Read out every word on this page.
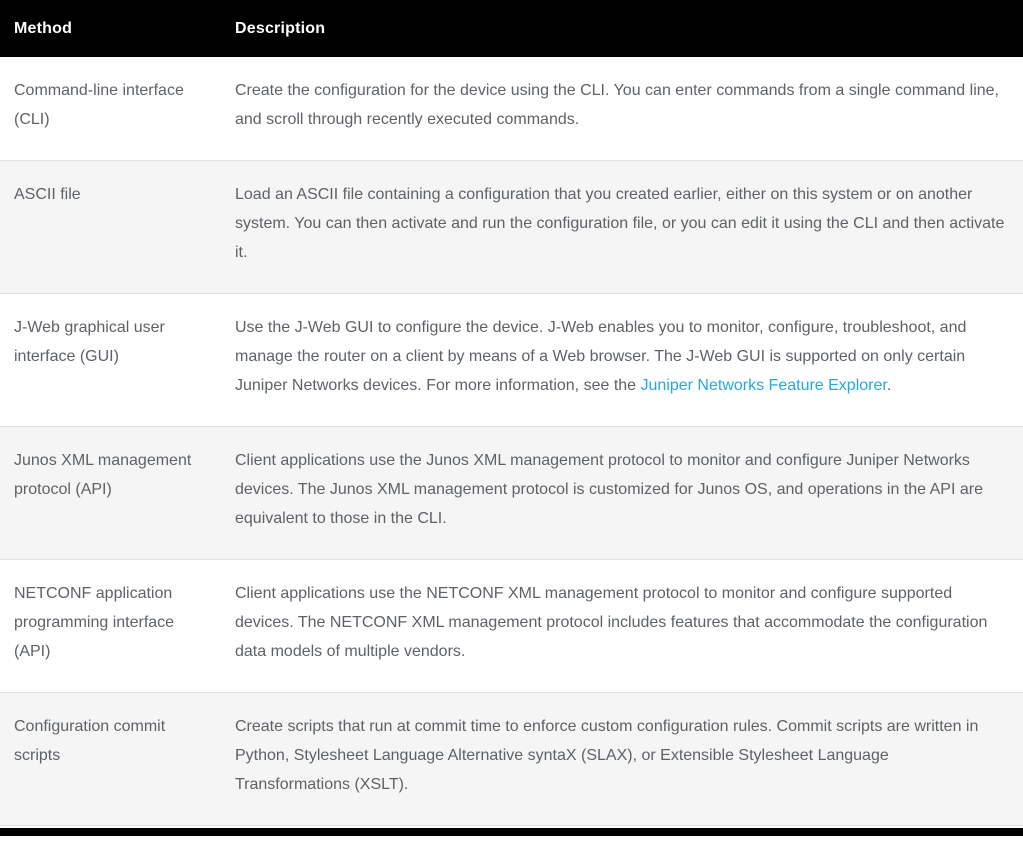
Method	Description
Command-line interface (CLI)
Create the configuration for the device using the CLI. You can enter commands from a single command line, and scroll through recently executed commands.
ASCII file	Load an ASCII file containing a configuration that you created earlier, either on this system or on another system. You can then activate and run the configuration file, or you can edit it using the CLI and then activate it.
J-Web graphical user interface (GUI)
Use the J-Web GUI to configure the device. J-Web enables you to monitor, configure, troubleshoot, and manage the router on a client by means of a Web browser. The J-Web GUI is supported on only certain Juniper Networks devices. For more information, see the Juniper Networks Feature Explorer.
Junos XML management protocol (API)
Client applications use the Junos XML management protocol to monitor and configure Juniper Networks devices. The Junos XML management protocol is customized for Junos OS, and operations in the API are equivalent to those in the CLI.
NETCONF application programming interface (API)
Client applications use the NETCONF XML management protocol to monitor and configure supported devices. The NETCONF XML management protocol includes features that accommodate the configuration data models of multiple vendors.
Configuration commit scripts
Create scripts that run at commit time to enforce custom configuration rules. Commit scripts are written in Python, Stylesheet Language Alternative syntaX (SLAX), or Extensible Stylesheet Language Transformations (XSLT).
